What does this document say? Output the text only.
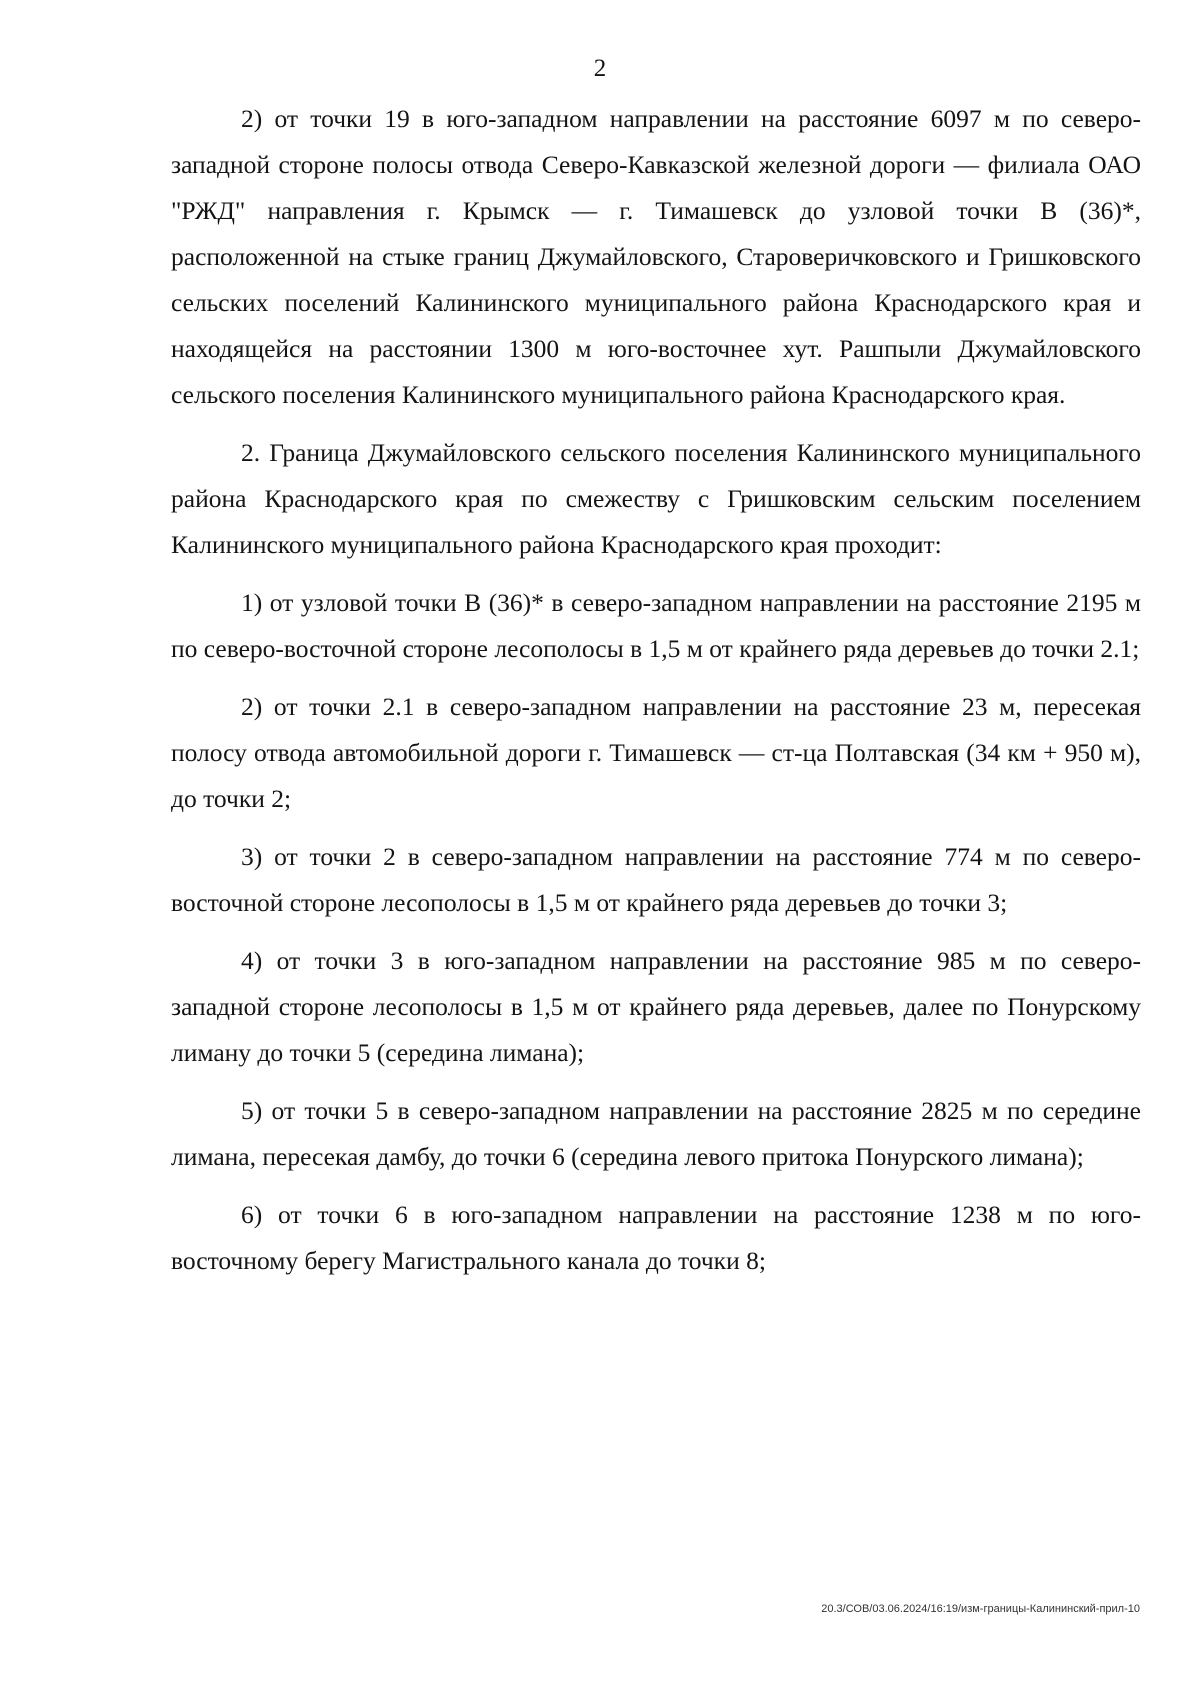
2

2) от точки 19 в юго-западном направлении на расстояние 6097 м по северо-западной стороне полосы отвода Северо-Кавказской железной дороги — филиала ОАО "РЖД" направления г. Крымск — г. Тимашевск до узловой точки В (36)*, расположенной на стыке границ Джумайловского, Староверичковского и Гришковского сельских поселений Калининского муниципального района Краснодарского края и находящейся на расстоянии 1300 м юго-восточнее хут. Рашпыли Джумайловского сельского поселения Калининского муниципального района Краснодарского края.

2. Граница Джумайловского сельского поселения Калининского муниципального района Краснодарского края по смежеству с Гришковским сельским поселением Калининского муниципального района Краснодарского края проходит:

1) от узловой точки В (36)* в северо-западном направлении на расстояние 2195 м по северо-восточной стороне лесополосы в 1,5 м от крайнего ряда деревьев до точки 2.1;

2) от точки 2.1 в северо-западном направлении на расстояние 23 м, пересекая полосу отвода автомобильной дороги г. Тимашевск — ст-ца Полтавская (34 км + 950 м), до точки 2;

3) от точки 2 в северо-западном направлении на расстояние 774 м по северо-восточной стороне лесополосы в 1,5 м от крайнего ряда деревьев до точки 3;

4) от точки 3 в юго-западном направлении на расстояние 985 м по северо-западной стороне лесополосы в 1,5 м от крайнего ряда деревьев, далее по Понурскому лиману до точки 5 (середина лимана);

5) от точки 5 в северо-западном направлении на расстояние 2825 м по середине лимана, пересекая дамбу, до точки 6 (середина левого притока Понурского лимана);

6) от точки 6 в юго-западном направлении на расстояние 1238 м по юго-восточному берегу Магистрального канала до точки 8;

20.3/СОВ/03.06.2024/16:19/изм-границы-Калининский-прил-10
